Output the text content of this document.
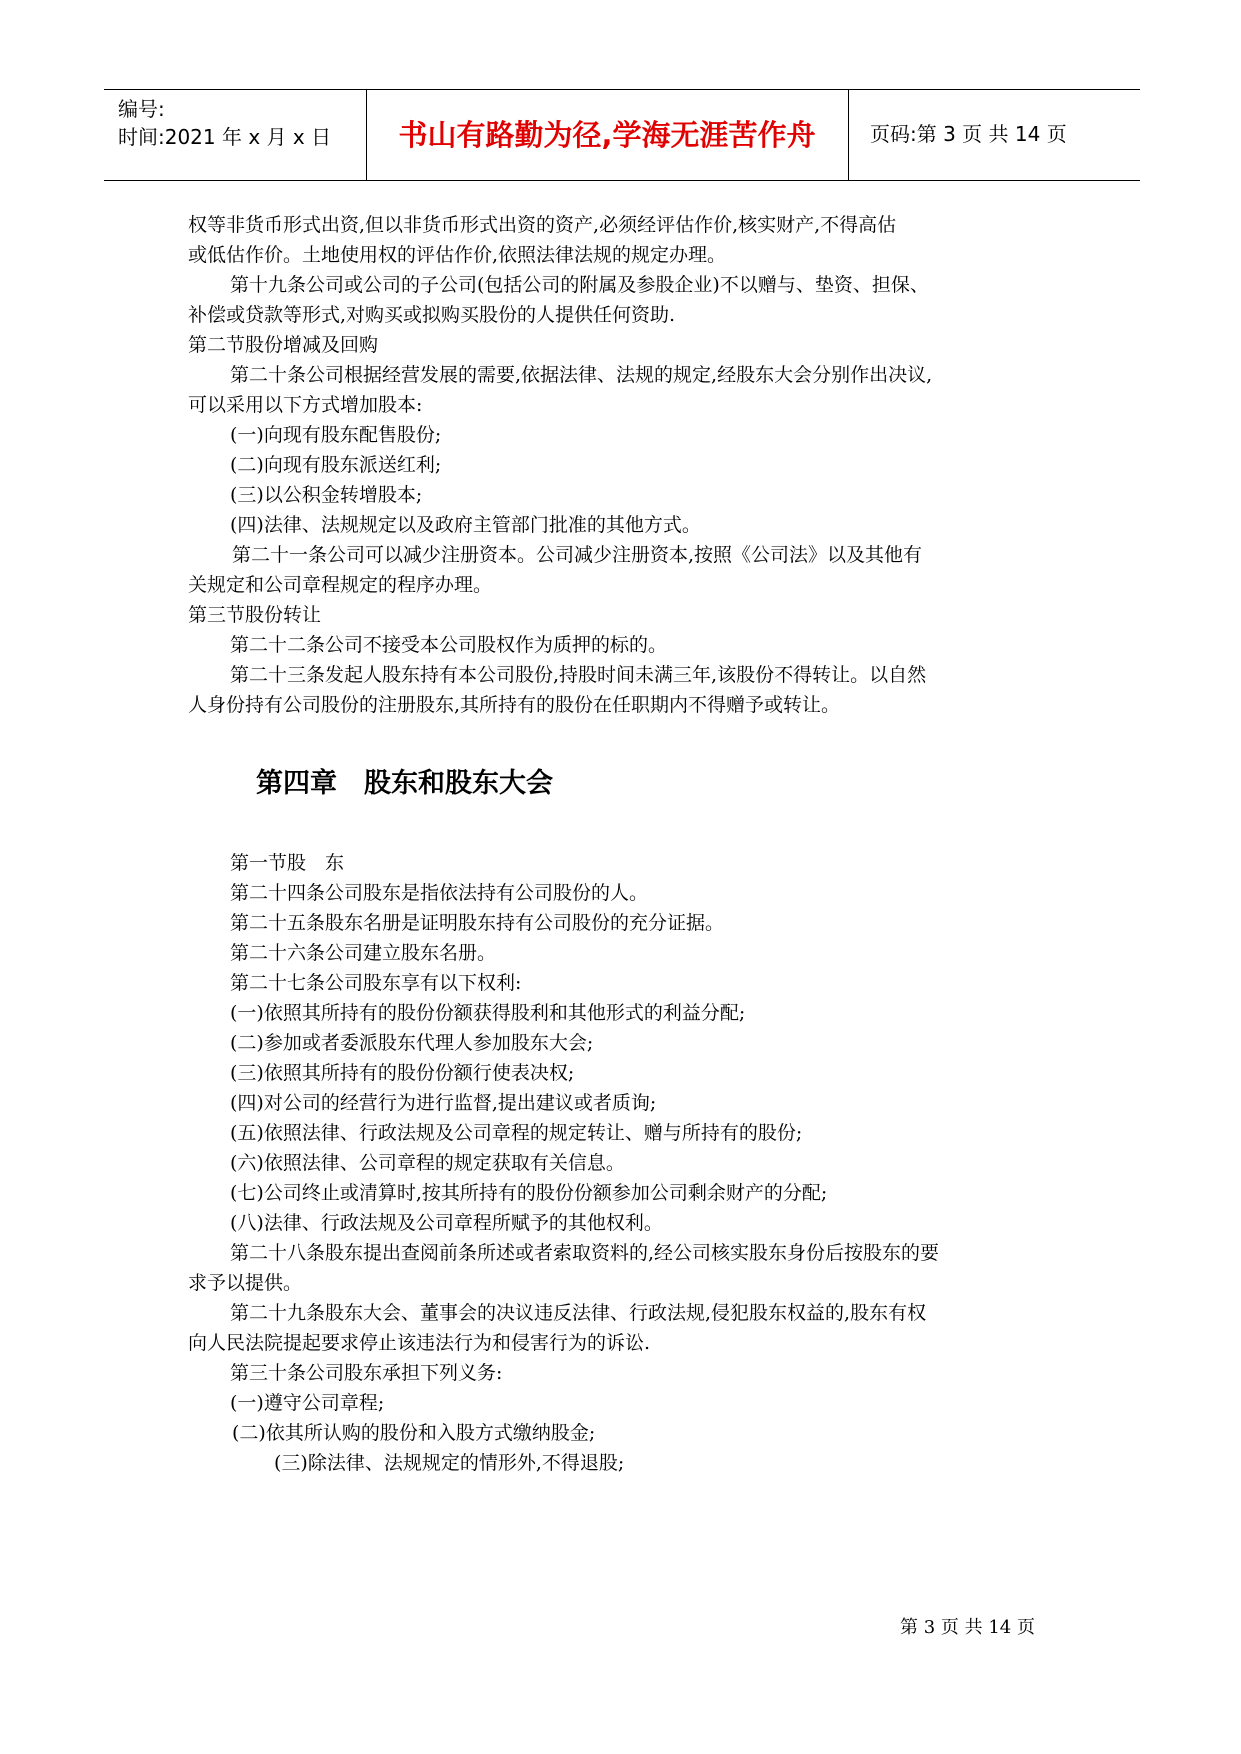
编号:
时间:2021 年 x 月 x 日	书山有路勤为径,学海无涯苦作舟	页码:第 3 页 共 14 页

权等非货币形式出资,但以非货币形式出资的资产,必须经评估作价,核实财产,不得高估

或低估作价。土地使用权的评估作价,依照法律法规的规定办理。

第十九条公司或公司的子公司(包括公司的附属及参股企业)不以赠与、垫资、担保、

补偿或贷款等形式,对购买或拟购买股份的人提供任何资助.

第二节股份增减及回购

第二十条公司根据经营发展的需要,依据法律、法规的规定,经股东大会分别作出决议,

可以采用以下方式增加股本:

(一)向现有股东配售股份;

(二)向现有股东派送红利;

(三)以公积金转增股本;

(四)法律、法规规定以及政府主管部门批准的其他方式。

第二十一条公司可以减少注册资本。公司减少注册资本,按照《公司法》以及其他有

关规定和公司章程规定的程序办理。

第三节股份转让

第二十二条公司不接受本公司股权作为质押的标的。

第二十三条发起人股东持有本公司股份,持股时间未满三年,该股份不得转让。以自然

人身份持有公司股份的注册股东,其所持有的股份在任职期内不得赠予或转让。

第四章　股东和股东大会

第一节股　东

第二十四条公司股东是指依法持有公司股份的人。

第二十五条股东名册是证明股东持有公司股份的充分证据。

第二十六条公司建立股东名册。

第二十七条公司股东享有以下权利:

(一)依照其所持有的股份份额获得股利和其他形式的利益分配;

(二)参加或者委派股东代理人参加股东大会;

(三)依照其所持有的股份份额行使表决权;

(四)对公司的经营行为进行监督,提出建议或者质询;

(五)依照法律、行政法规及公司章程的规定转让、赠与所持有的股份;

(六)依照法律、公司章程的规定获取有关信息。

(七)公司终止或清算时,按其所持有的股份份额参加公司剩余财产的分配;

(八)法律、行政法规及公司章程所赋予的其他权利。

第二十八条股东提出查阅前条所述或者索取资料的,经公司核实股东身份后按股东的要

求予以提供。

第二十九条股东大会、董事会的决议违反法律、行政法规,侵犯股东权益的,股东有权

向人民法院提起要求停止该违法行为和侵害行为的诉讼.

第三十条公司股东承担下列义务:

(一)遵守公司章程;

(二)依其所认购的股份和入股方式缴纳股金;

(三)除法律、法规规定的情形外,不得退股;

第 3 页 共 14 页
